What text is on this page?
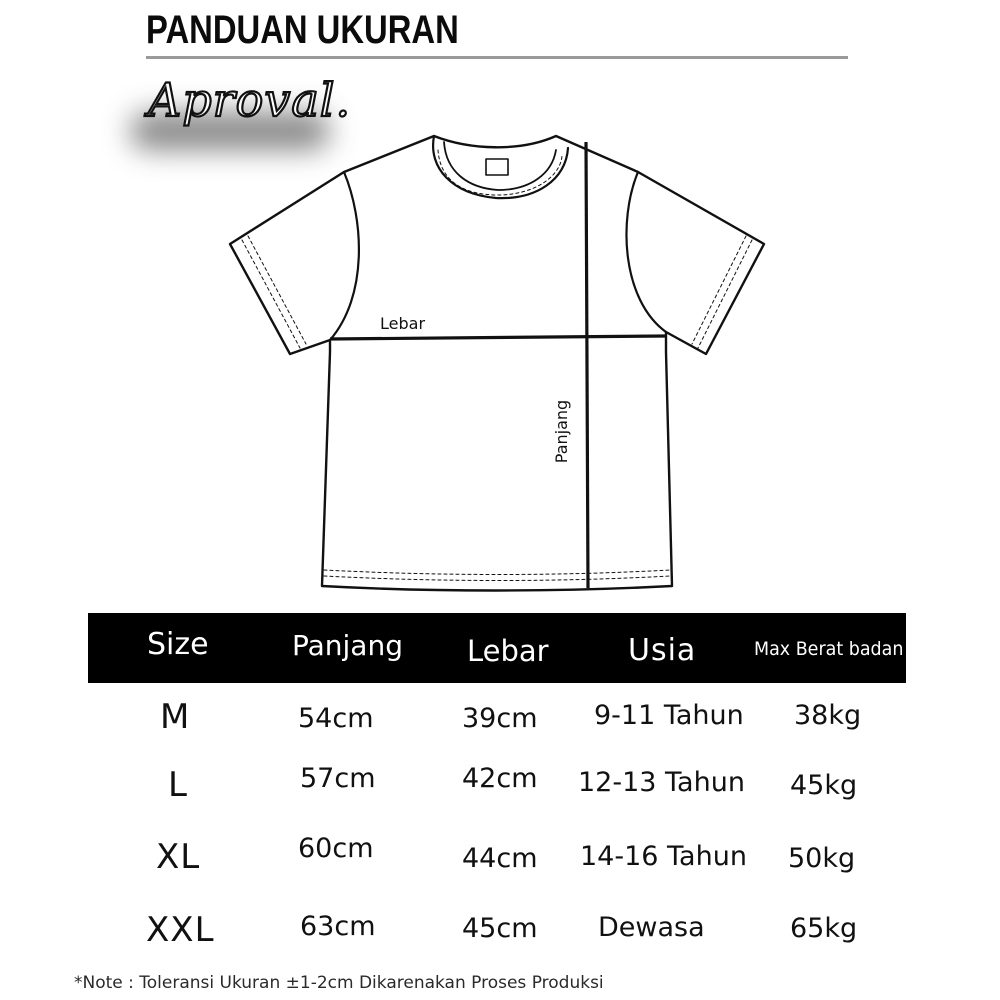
PANDUAN UKURAN
Aproval.
Lebar
Panjang
Size	Panjang Lebar	Usia	Max Berat badan
M	54cm	39cm 9-11 Tahun 38kg
L	57cm	42cm 12-13 Tahun 45kg
XL	60cm	44cm 14-16 Tahun 50kg
XXL	63cm	45cm Dewasa	65kg
*Note : Toleransi Ukuran ±1-2cm Dikarenakan Proses Produksi
